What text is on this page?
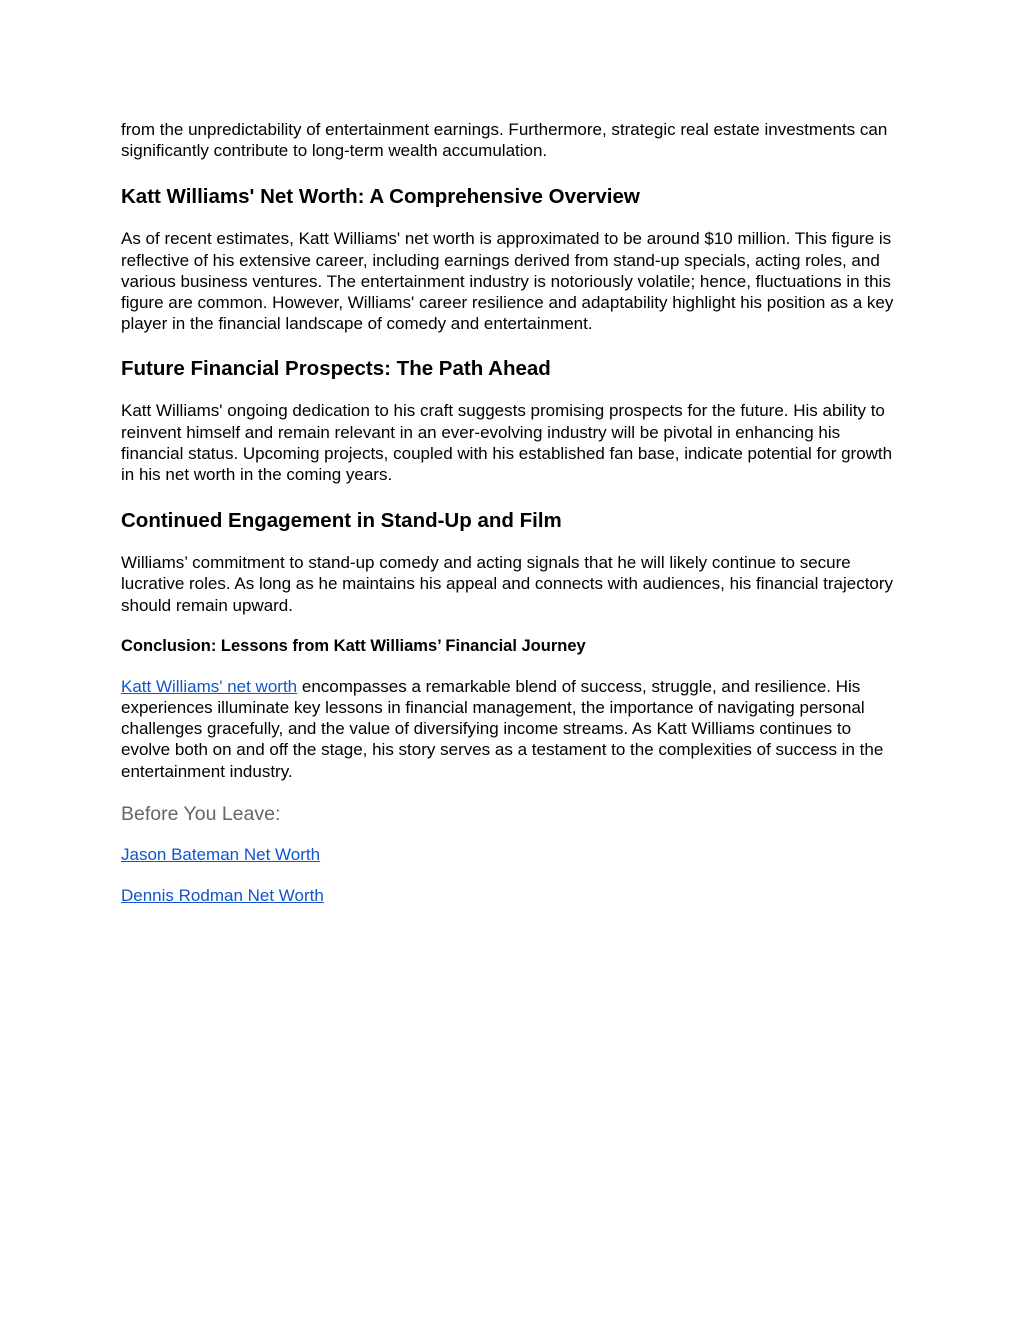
from the unpredictability of entertainment earnings. Furthermore, strategic real estate investments can significantly contribute to long-term wealth accumulation.

Katt Williams' Net Worth: A Comprehensive Overview

As of recent estimates, Katt Williams' net worth is approximated to be around $10 million. This figure is reflective of his extensive career, including earnings derived from stand-up specials, acting roles, and various business ventures. The entertainment industry is notoriously volatile; hence, fluctuations in this figure are common. However, Williams' career resilience and adaptability highlight his position as a key player in the financial landscape of comedy and entertainment.

Future Financial Prospects: The Path Ahead

Katt Williams' ongoing dedication to his craft suggests promising prospects for the future. His ability to reinvent himself and remain relevant in an ever-evolving industry will be pivotal in enhancing his financial status. Upcoming projects, coupled with his established fan base, indicate potential for growth in his net worth in the coming years.

Continued Engagement in Stand-Up and Film

Williams’ commitment to stand-up comedy and acting signals that he will likely continue to secure lucrative roles. As long as he maintains his appeal and connects with audiences, his financial trajectory should remain upward.

Conclusion: Lessons from Katt Williams’ Financial Journey

Katt Williams' net worth encompasses a remarkable blend of success, struggle, and resilience. His experiences illuminate key lessons in financial management, the importance of navigating personal challenges gracefully, and the value of diversifying income streams. As Katt Williams continues to evolve both on and off the stage, his story serves as a testament to the complexities of success in the entertainment industry.

Before You Leave:

Jason Bateman Net Worth

Dennis Rodman Net Worth
